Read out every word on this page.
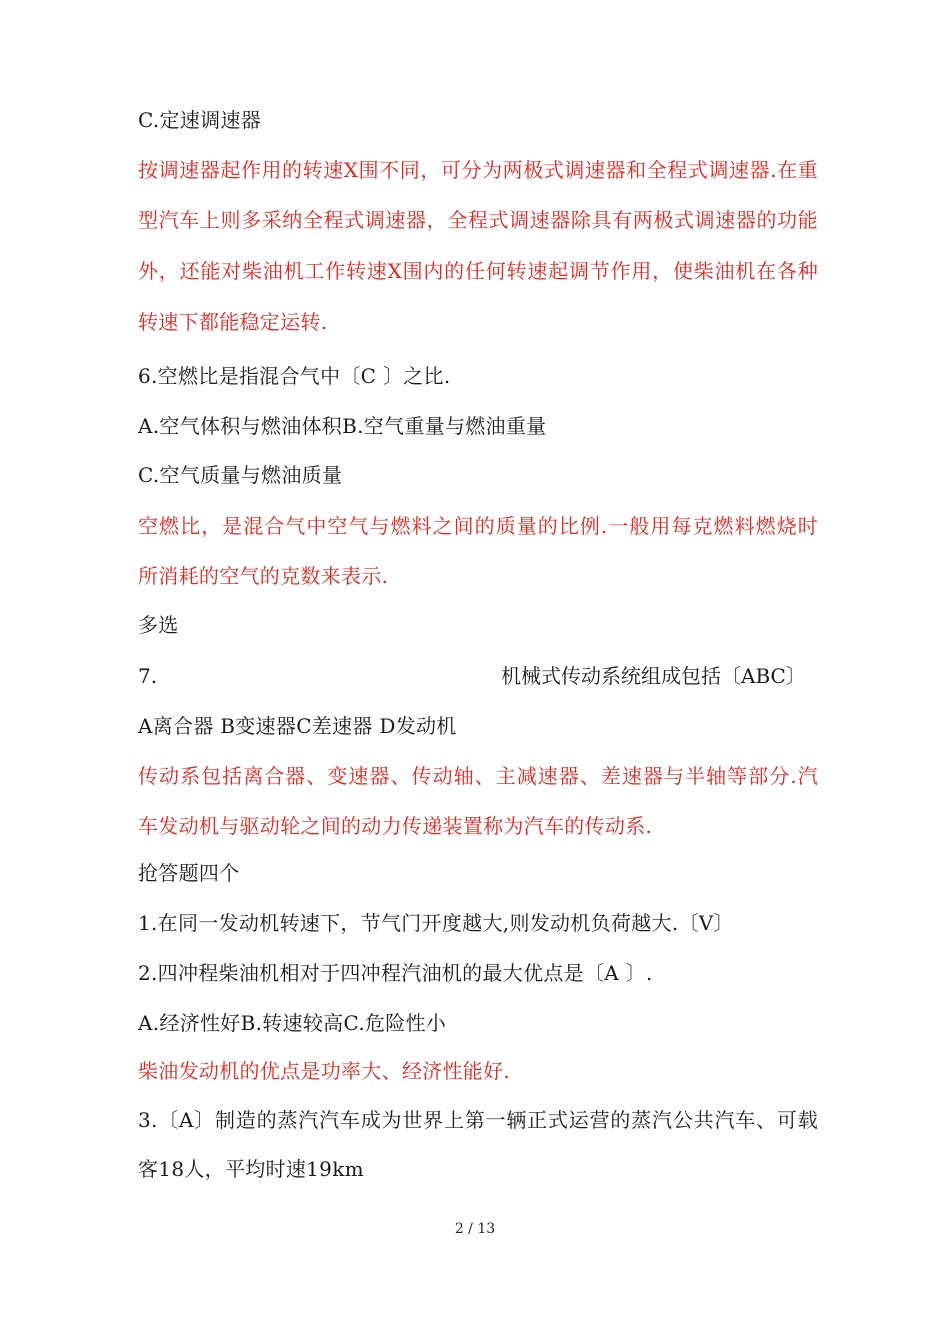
C.定速调速器
按调速器起作用的转速X围不同，可分为两极式调速器和全程式调速器.在重
型汽车上则多采纳全程式调速器，全程式调速器除具有两极式调速器的功能
外，还能对柴油机工作转速X围内的任何转速起调节作用，使柴油机在各种
转速下都能稳定运转.
6.空燃比是指混合气中〔C 〕之比.
A.空气体积与燃油体积B.空气重量与燃油重量
C.空气质量与燃油质量
空燃比，是混合气中空气与燃料之间的质量的比例.一般用每克燃料燃烧时
所消耗的空气的克数来表示.
多选
7.	机械式传动系统组成包括〔ABC〕
A离合器 B变速器C差速器 D发动机
传动系包括离合器、变速器、传动轴、主减速器、差速器与半轴等部分.汽
车发动机与驱动轮之间的动力传递装置称为汽车的传动系.
抢答题四个
1.在同一发动机转速下，节气门开度越大,则发动机负荷越大.〔V〕
2.四冲程柴油机相对于四冲程汽油机的最大优点是〔A 〕.
A.经济性好B.转速较高C.危险性小
柴油发动机的优点是功率大、经济性能好.
3.〔A〕制造的蒸汽汽车成为世界上第一辆正式运营的蒸汽公共汽车、可载
客18人，平均时速19km
2 / 13
